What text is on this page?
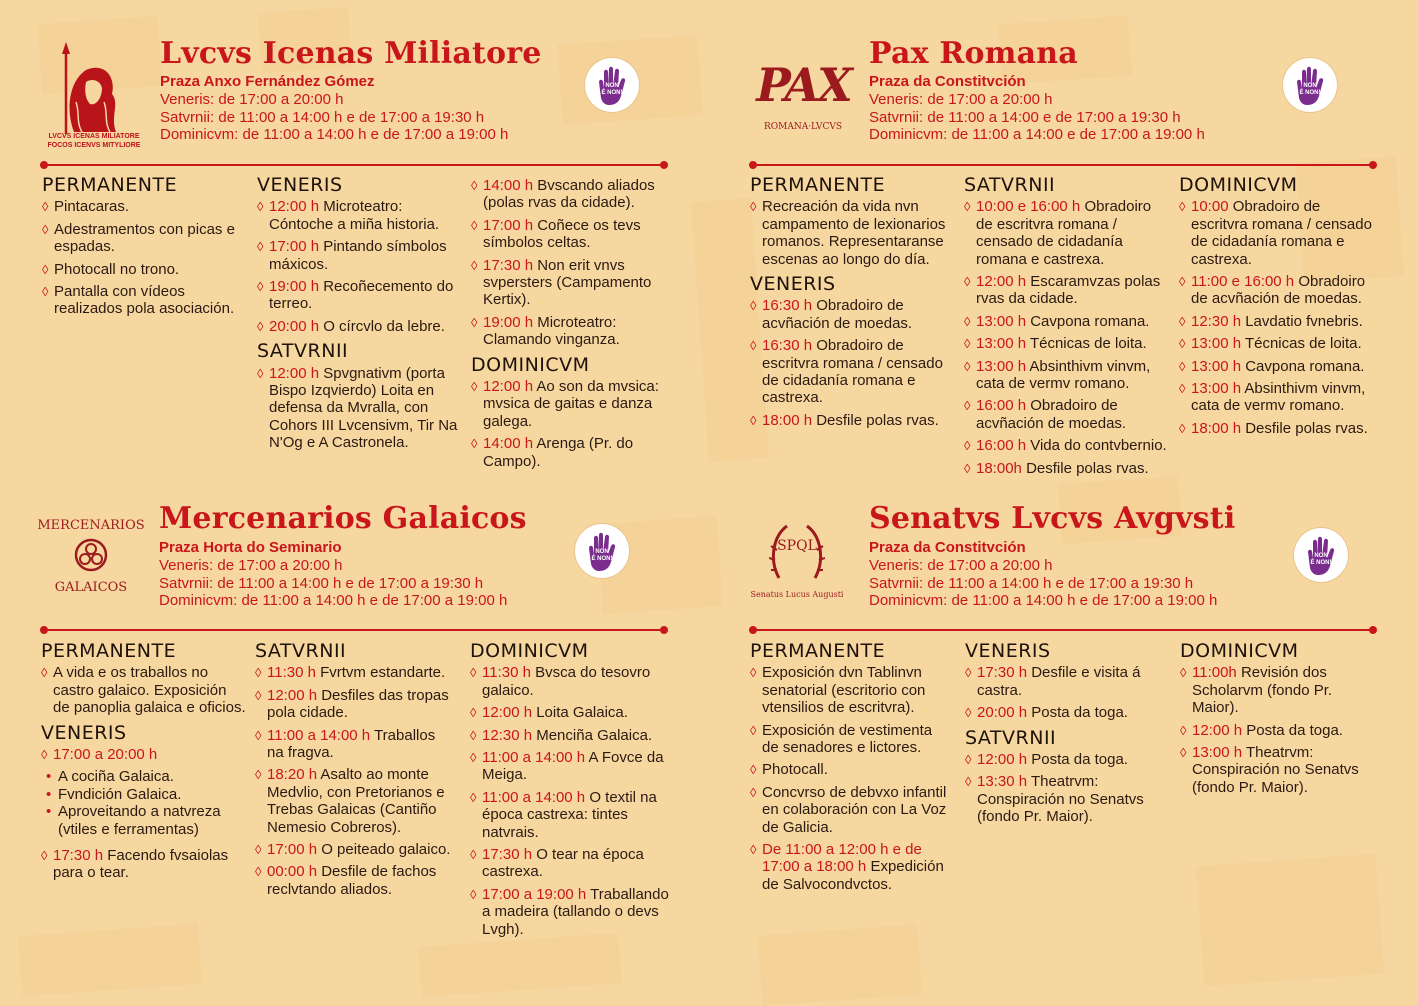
LVCVS ICENAS MILIATORE
FOCOS ICENVS MITYLIORE
Lvcvs Icenas Miliatore
Praza Anxo Fernández Gómez
Veneris: de 17:00 a 20:00 h
Satvrnii: de 11:00 a 14:00 h e de 17:00 a 19:30 h
Dominicvm: de 11:00 a 14:00 h e de 17:00 a 19:00 h
NON
É NON!
PERMANENTE
◊ Pintacaras.
◊ Adestramentos con picas e espadas.
◊ Photocall no trono.
◊ Pantalla con vídeos realizados pola asociación.
VENERIS
◊ 12:00 h Microteatro: Cóntoche a miña historia.
◊ 17:00 h Pintando símbolos máxicos.
◊ 19:00 h Recoñecemento do terreo.
◊ 20:00 h O círcvlo da lebre.
SATVRNII
◊ 12:00 h Spvgnativm (porta Bispo Izqvierdo) Loita en defensa da Mvralla, con Cohors III Lvcensivm, Tir Na N'Og e A Castronela.
◊ 14:00 h Bvscando aliados (polas rvas da cidade).
◊ 17:00 h Coñece os tevs símbolos celtas.
◊ 17:30 h Non erit vnvs svpersters (Campamento Kertix).
◊ 19:00 h Microteatro: Clamando vinganza.
DOMINICVM
◊ 12:00 h Ao son da mvsica: mvsica de gaitas e danza galega.
◊ 14:00 h Arenga (Pr. do Campo).
PAX
ROMANA·LVCVS
Pax Romana
Praza da Constitvción
Veneris: de 17:00 a 20:00 h
Satvrnii: de 11:00 a 14:00 e de 17:00 a 19:30 h
Dominicvm: de 11:00 a 14:00 e de 17:00 a 19:00 h
NON
É NON!
PERMANENTE
◊ Recreación da vida nvn campamento de lexionarios romanos. Representaranse escenas ao longo do día.
VENERIS
◊ 16:30 h Obradoiro de acvñación de moedas.
◊ 16:30 h Obradoiro de escritvra romana / censado de cidadanía romana e castrexa.
◊ 18:00 h Desfile polas rvas.
SATVRNII
◊ 10:00 e 16:00 h Obradoiro de escritvra romana / censado de cidadanía romana e castrexa.
◊ 12:00 h Escaramvzas polas rvas da cidade.
◊ 13:00 h Cavpona romana.
◊ 13:00 h Técnicas de loita.
◊ 13:00 h Absinthivm vinvm, cata de vermv romano.
◊ 16:00 h Obradoiro de acvñación de moedas.
◊ 16:00 h Vida do contvbernio.
◊ 18:00h Desfile polas rvas.
DOMINICVM
◊ 10:00 Obradoiro de escritvra romana / censado de cidadanía romana e castrexa.
◊ 11:00 e 16:00 h Obradoiro de acvñación de moedas.
◊ 12:30 h Lavdatio fvnebris.
◊ 13:00 h Técnicas de loita.
◊ 13:00 h Cavpona romana.
◊ 13:00 h Absinthivm vinvm, cata de vermv romano.
◊ 18:00 h Desfile polas rvas.
MERCENARIOS
GALAICOS
Mercenarios Galaicos
Praza Horta do Seminario
Veneris: de 17:00 a 20:00 h
Satvrnii: de 11:00 a 14:00 h e de 17:00 a 19:30 h
Dominicvm: de 11:00 a 14:00 h e de 17:00 a 19:00 h
NON
É NON!
PERMANENTE
◊ A vida e os traballos no castro galaico. Exposición de panoplia galaica e oficios.
VENERIS
◊ 17:00 a 20:00 h
• A cociña Galaica.
• Fvndición Galaica.
• Aproveitando a natvreza (vtiles e ferramentas)
◊ 17:30 h Facendo fvsaiolas para o tear.
SATVRNII
◊ 11:30 h Fvrtvm estandarte.
◊ 12:00 h Desfiles das tropas pola cidade.
◊ 11:00 a 14:00 h Traballos na fragva.
◊ 18:20 h Asalto ao monte Medvlio, con Pretorianos e Trebas Galaicas (Cantiño Nemesio Cobreros).
◊ 17:00 h O peiteado galaico.
◊ 00:00 h Desfile de fachos reclvtando aliados.
DOMINICVM
◊ 11:30 h Bvsca do tesovro galaico.
◊ 12:00 h Loita Galaica.
◊ 12:30 h Menciña Galaica.
◊ 11:00 a 14:00 h A Fovce da Meiga.
◊ 11:00 a 14:00 h O textil na época castrexa: tintes natvrais.
◊ 17:30 h O tear na época castrexa.
◊ 17:00 a 19:00 h Traballando a madeira (tallando o devs Lvgh).
SPQL
Senatus Lucus Augusti
Senatvs Lvcvs Avgvsti
Praza da Constitvción
Veneris: de 17:00 a 20:00 h
Satvrnii: de 11:00 a 14:00 h e de 17:00 a 19:30 h
Dominicvm: de 11:00 a 14:00 h e de 17:00 a 19:00 h
NON
É NON!
PERMANENTE
◊ Exposición dvn Tablinvn senatorial (escritorio con vtensilios de escritvra).
◊ Exposición de vestimenta de senadores e lictores.
◊ Photocall.
◊ Concvrso de debvxo infantil en colaboración con La Voz de Galicia.
◊ De 11:00 a 12:00 h e de 17:00 a 18:00 h Expedición de Salvocondvctos.
VENERIS
◊ 17:30 h Desfile e visita á castra.
◊ 20:00 h Posta da toga.
SATVRNII
◊ 12:00 h Posta da toga.
◊ 13:30 h Theatrvm: Conspiración no Senatvs (fondo Pr. Maior).
DOMINICVM
◊ 11:00h Revisión dos Scholarvm (fondo Pr. Maior).
◊ 12:00 h Posta da toga.
◊ 13:00 h Theatrvm: Conspiración no Senatvs (fondo Pr. Maior).
